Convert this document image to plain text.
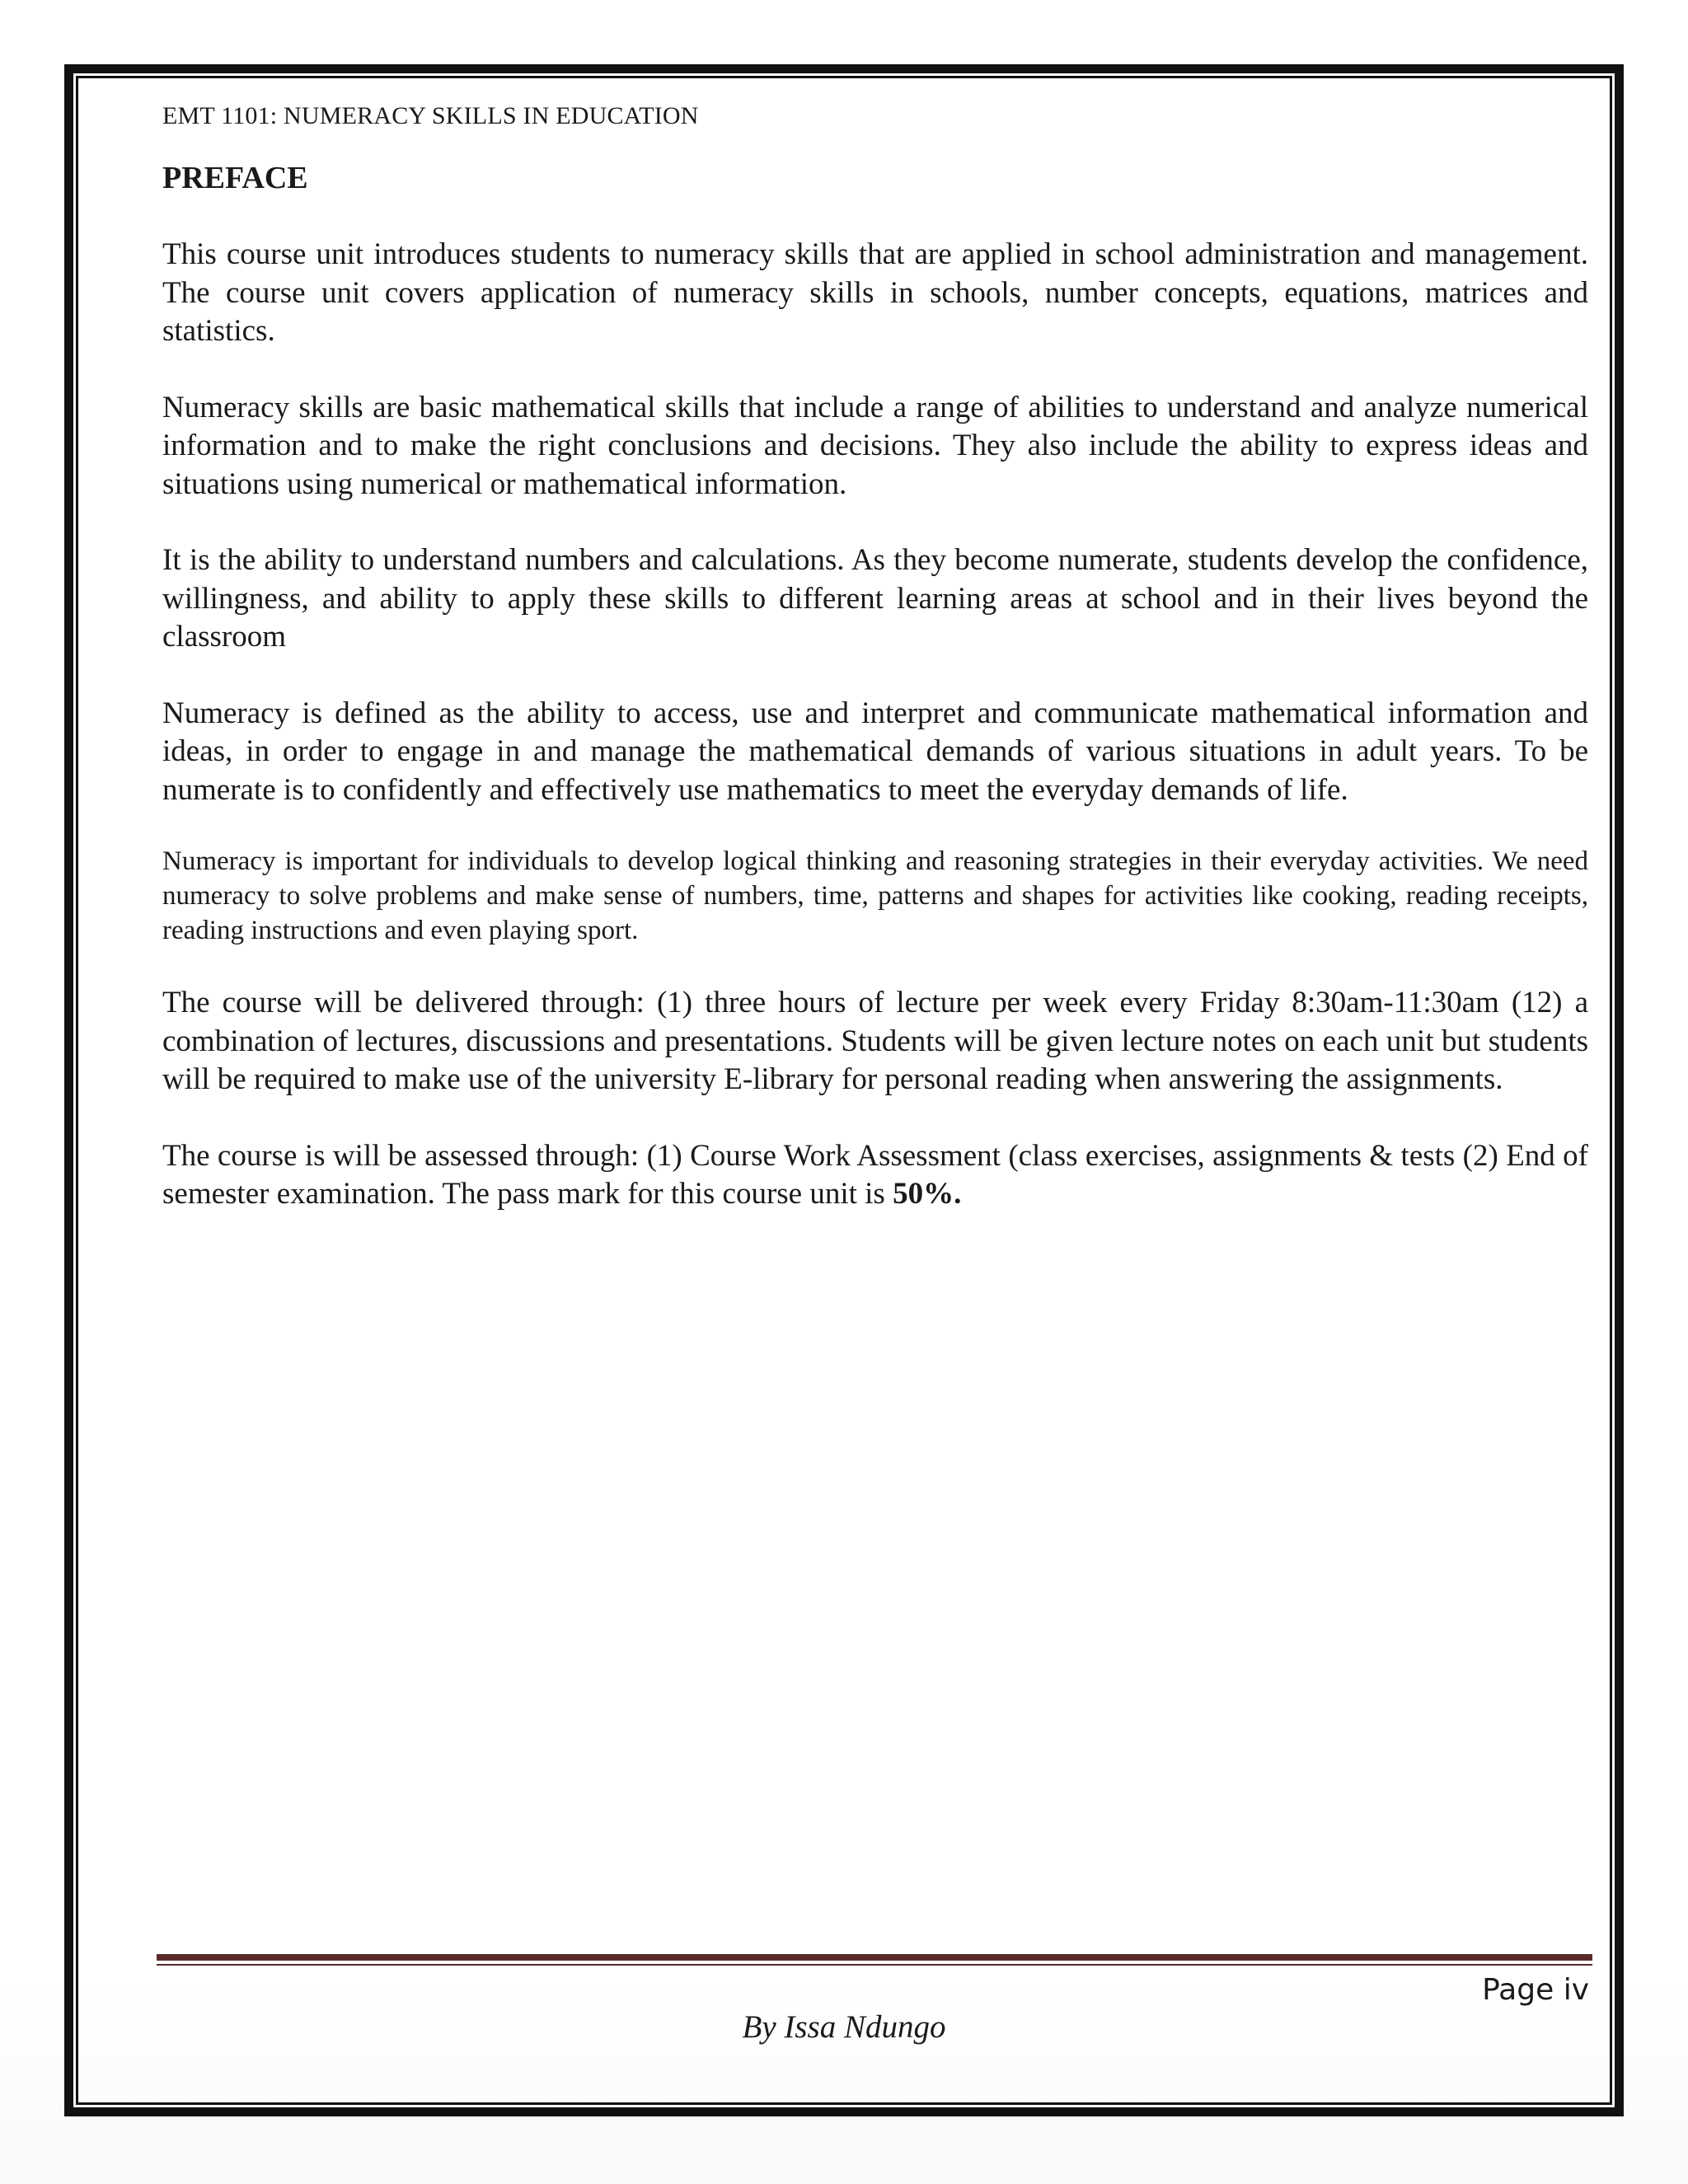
EMT 1101: NUMERACY SKILLS IN EDUCATION

PREFACE

This course unit introduces students to numeracy skills that are applied in school administration and management. The course unit covers application of numeracy skills in schools, number concepts, equations, matrices and statistics.

Numeracy skills are basic mathematical skills that include a range of abilities to understand and analyze numerical information and to make the right conclusions and decisions. They also include the ability to express ideas and situations using numerical or mathematical information.

It is the ability to understand numbers and calculations. As they become numerate, students develop the confidence, willingness, and ability to apply these skills to different learning areas at school and in their lives beyond the classroom

Numeracy is defined as the ability to access, use and interpret and communicate mathematical information and ideas, in order to engage in and manage the mathematical demands of various situations in adult years. To be numerate is to confidently and effectively use mathematics to meet the everyday demands of life.

Numeracy is important for individuals to develop logical thinking and reasoning strategies in their everyday activities. We need numeracy to solve problems and make sense of numbers, time, patterns and shapes for activities like cooking, reading receipts, reading instructions and even playing sport.

The course will be delivered through: (1) three hours of lecture per week every Friday 8:30am-11:30am (12) a combination of lectures, discussions and presentations. Students will be given lecture notes on each unit but students will be required to make use of the university E-library for personal reading when answering the assignments.

The course is will be assessed through: (1) Course Work Assessment (class exercises, assignments & tests (2) End of semester examination. The pass mark for this course unit is 50%.

Page iv
By Issa Ndungo
